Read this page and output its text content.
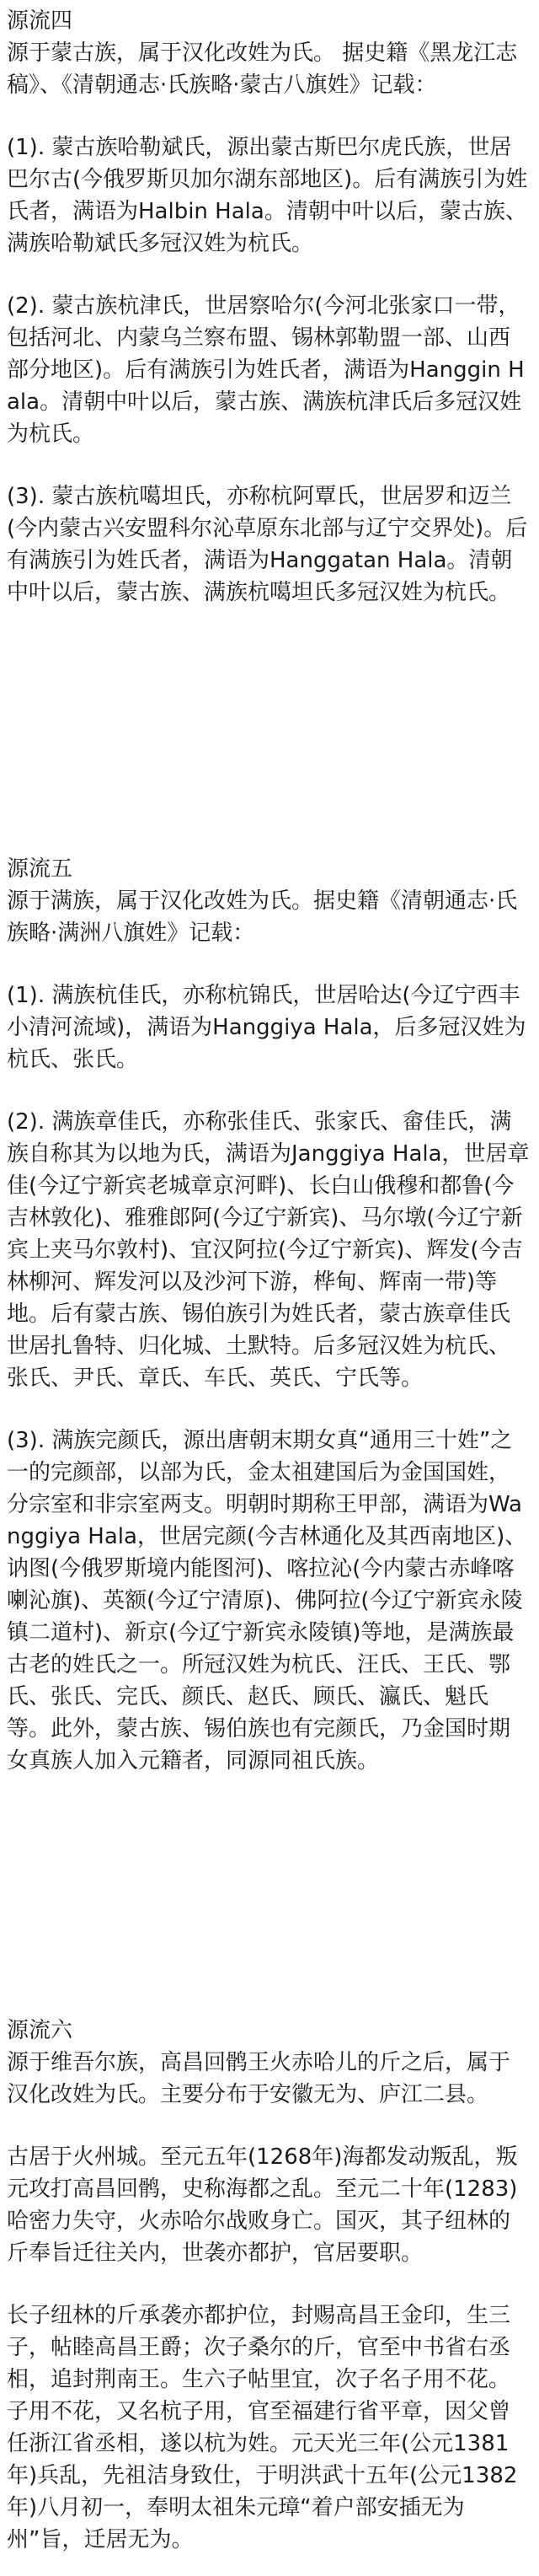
源流四

源于蒙古族，属于汉化改姓为氏。 据史籍《黑龙江志稿》、《清朝通志·氏族略·蒙古八旗姓》记载：

(1). 蒙古族哈勒斌氏，源出蒙古斯巴尔虎氏族，世居巴尔古(今俄罗斯贝加尔湖东部地区)。后有满族引为姓氏者，满语为Halbin Hala。清朝中叶以后，蒙古族、满族哈勒斌氏多冠汉姓为杭氏。

(2). 蒙古族杭津氏，世居察哈尔(今河北张家口一带，包括河北、内蒙乌兰察布盟、锡林郭勒盟一部、山西部分地区)。后有满族引为姓氏者，满语为Hanggin Hala。清朝中叶以后，蒙古族、满族杭津氏后多冠汉姓为杭氏。

(3). 蒙古族杭噶坦氏，亦称杭阿覃氏，世居罗和迈兰(今内蒙古兴安盟科尔沁草原东北部与辽宁交界处)。后有满族引为姓氏者，满语为Hanggatan Hala。清朝中叶以后，蒙古族、满族杭噶坦氏多冠汉姓为杭氏。

源流五

源于满族，属于汉化改姓为氏。据史籍《清朝通志·氏族略·满洲八旗姓》记载：

(1). 满族杭佳氏，亦称杭锦氏，世居哈达(今辽宁西丰小清河流域)，满语为Hanggiya Hala，后多冠汉姓为杭氏、张氏。

(2). 满族章佳氏，亦称张佳氏、张家氏、畲佳氏，满族自称其为以地为氏，满语为Janggiya Hala，世居章佳(今辽宁新宾老城章京河畔)、长白山俄穆和都鲁(今吉林敦化)、雅雅郎阿(今辽宁新宾)、马尔墩(今辽宁新宾上夹马尔敦村)、宜汉阿拉(今辽宁新宾)、辉发(今吉林柳河、辉发河以及沙河下游，桦甸、辉南一带)等地。后有蒙古族、锡伯族引为姓氏者，蒙古族章佳氏世居扎鲁特、归化城、土默特。后多冠汉姓为杭氏、张氏、尹氏、章氏、车氏、英氏、宁氏等。

(3). 满族完颜氏，源出唐朝末期女真“通用三十姓”之一的完颜部，以部为氏，金太祖建国后为金国国姓，分宗室和非宗室两支。明朝时期称王甲部，满语为Wanggiya Hala，世居完颜(今吉林通化及其西南地区)、讷图(今俄罗斯境内能图河)、喀拉沁(今内蒙古赤峰喀喇沁旗)、英额(今辽宁清原)、佛阿拉(今辽宁新宾永陵镇二道村)、新京(今辽宁新宾永陵镇)等地，是满族最古老的姓氏之一。所冠汉姓为杭氏、汪氏、王氏、鄂氏、张氏、完氏、颜氏、赵氏、顾氏、瀛氏、魁氏等。此外，蒙古族、锡伯族也有完颜氏，乃金国时期女真族人加入元籍者，同源同祖氏族。

源流六

源于维吾尔族，高昌回鹘王火赤哈儿的斤之后，属于汉化改姓为氏。主要分布于安徽无为、庐江二县。

古居于火州城。至元五年(1268年)海都发动叛乱，叛元攻打高昌回鹘，史称海都之乱。至元二十年(1283)哈密力失守，火赤哈尔战败身亡。国灭，其子纽林的斤奉旨迁往关内，世袭亦都护，官居要职。

长子纽林的斤承袭亦都护位，封赐高昌王金印，生三子，帖睦高昌王爵；次子桑尔的斤，官至中书省右丞相，追封荆南王。生六子帖里宜，次子名子用不花。子用不花，又名杭子用，官至福建行省平章，因父曾任浙江省丞相，遂以杭为姓。元天光三年(公元1381年)兵乱，先祖洁身致仕，于明洪武十五年(公元1382年)八月初一，奉明太祖朱元璋“着户部安插无为州”旨，迁居无为。
